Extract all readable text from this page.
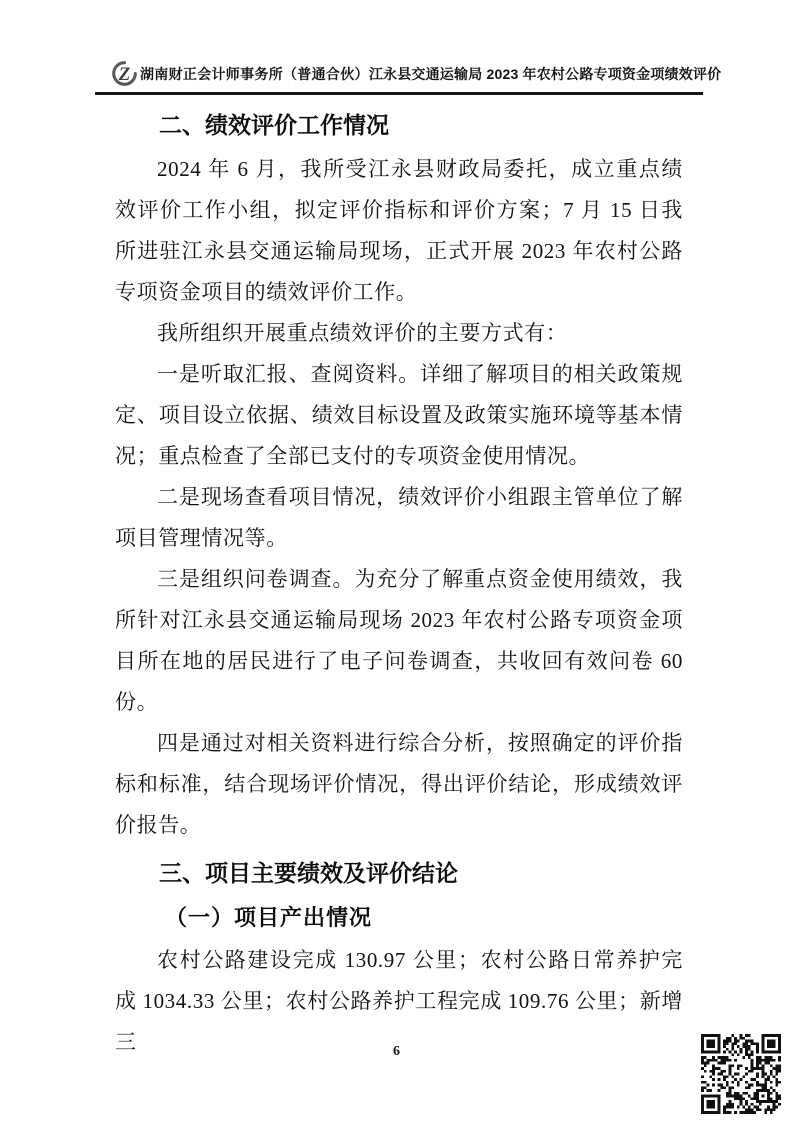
Z 湖南财正会计师事务所（普通合伙） 江永县交通运输局 2023 年农村公路专项资金项绩效评价
二、绩效评价工作情况

2024 年 6 月，我所受江永县财政局委托，成立重点绩效评价工作小组，拟定评价指标和评价方案；7 月 15 日我所进驻江永县交通运输局现场，正式开展 2023 年农村公路专项资金项目的绩效评价工作。

我所组织开展重点绩效评价的主要方式有：

一是听取汇报、查阅资料。详细了解项目的相关政策规定、项目设立依据、绩效目标设置及政策实施环境等基本情况；重点检查了全部已支付的专项资金使用情况。

二是现场查看项目情况，绩效评价小组跟主管单位了解项目管理情况等。

三是组织问卷调查。为充分了解重点资金使用绩效，我所针对江永县交通运输局现场 2023 年农村公路专项资金项目所在地的居民进行了电子问卷调查，共收回有效问卷 60 份。

四是通过对相关资料进行综合分析，按照确定的评价指标和标准，结合现场评价情况，得出评价结论，形成绩效评价报告。

三、项目主要绩效及评价结论
（一）项目产出情况

农村公路建设完成 130.97 公里；农村公路日常养护完成 1034.33 公里；农村公路养护工程完成 109.76 公里；新增三	6
